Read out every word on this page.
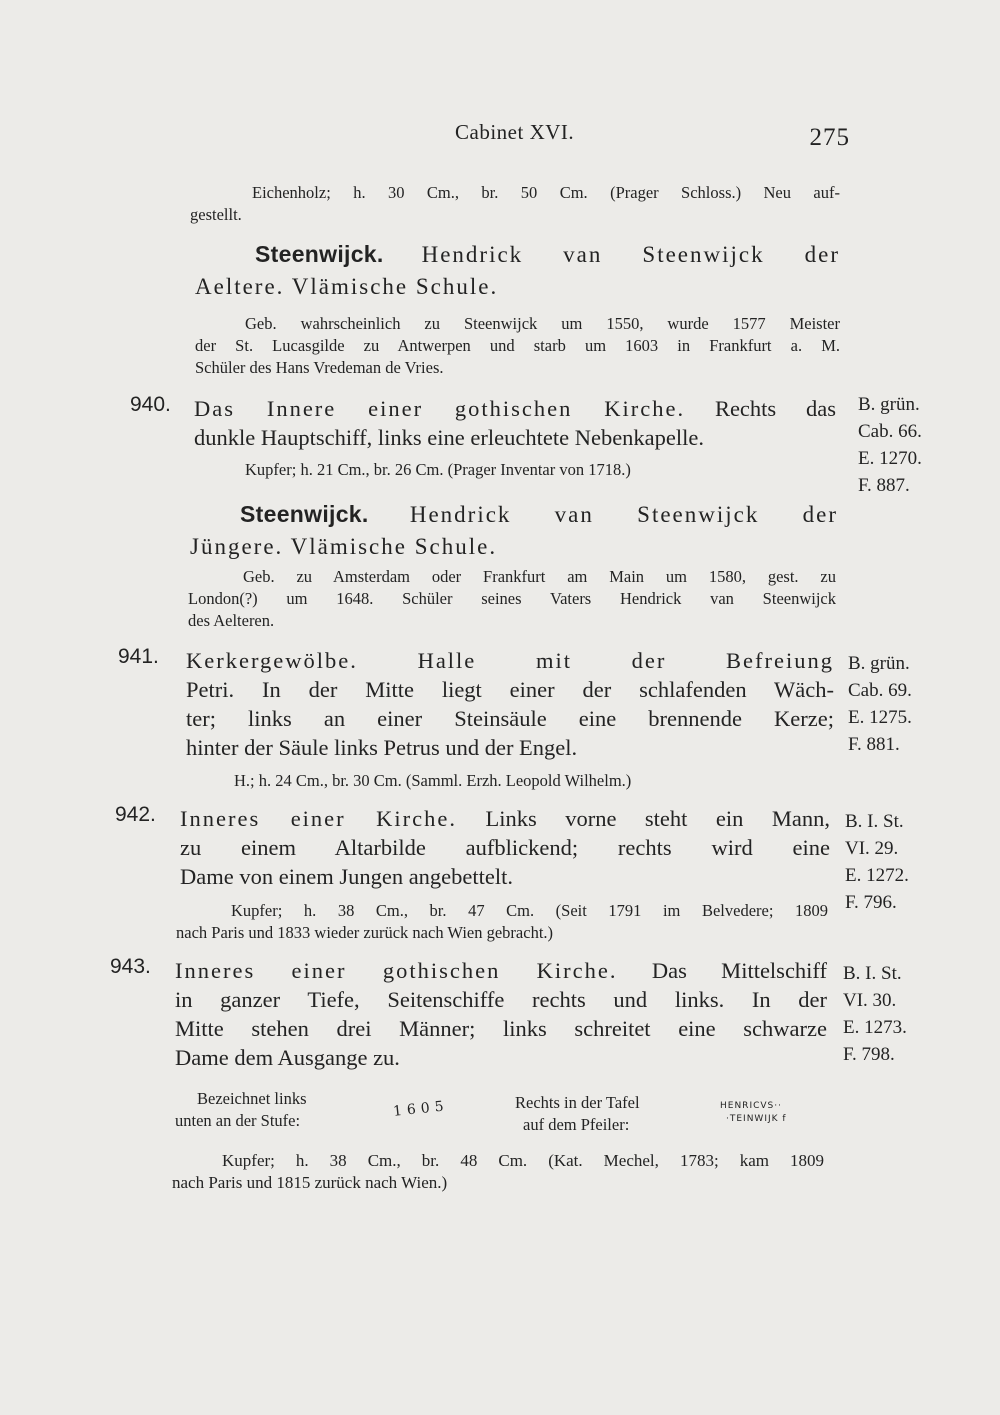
Cabinet XVI.	275
Eichenholz; h. 30 Cm., br. 50 Cm. (Prager Schloss.) Neu auf-
gestellt.
Steenwijck. Hendrick van Steenwijck der
Aeltere. Vlämische Schule.
Geb. wahrscheinlich zu Steenwijck um 1550, wurde 1577 Meister
der St. Lucasgilde zu Antwerpen und starb um 1603 in Frankfurt a. M.
Schüler des Hans Vredeman de Vries.
940. Das Innere einer gothischen Kirche. Rechts das
dunkle Hauptschiff, links eine erleuchtete Nebenkapelle.
Kupfer; h. 21 Cm., br. 26 Cm. (Prager Inventar von 1718.)
B. grün.
Cab. 66.
E. 1270.
F. 887.
Steenwijck. Hendrick van Steenwijck der
Jüngere. Vlämische Schule.
Geb. zu Amsterdam oder Frankfurt am Main um 1580, gest. zu
London(?) um 1648. Schüler seines Vaters Hendrick van Steenwijck
des Aelteren.
941. Kerkergewölbe. Halle mit der Befreiung
Petri. In der Mitte liegt einer der schlafenden Wäch-
ter; links an einer Steinsäule eine brennende Kerze;
hinter der Säule links Petrus und der Engel.
H.; h. 24 Cm., br. 30 Cm. (Samml. Erzh. Leopold Wilhelm.)
B. grün.
Cab. 69.
E. 1275.
F. 881.
942. Inneres einer Kirche. Links vorne steht ein Mann,
zu einem Altarbilde aufblickend; rechts wird eine
Dame von einem Jungen angebettelt.
Kupfer; h. 38 Cm., br. 47 Cm. (Seit 1791 im Belvedere; 1809
nach Paris und 1833 wieder zurück nach Wien gebracht.)
B. I. St.
VI. 29.
E. 1272.
F. 796.
943. Inneres einer gothischen Kirche. Das Mittelschiff
in ganzer Tiefe, Seitenschiffe rechts und links. In der
Mitte stehen drei Männer; links schreitet eine schwarze
Dame dem Ausgange zu.
B. I. St.
VI. 30.
E. 1273.
F. 798.
Bezeichnet links
unten an der Stufe:
1605	Rechts in der Tafel
auf dem Pfeiler:
HENRICVS··
·TEINWIJK f
Kupfer; h. 38 Cm., br. 48 Cm. (Kat. Mechel, 1783; kam 1809
nach Paris und 1815 zurück nach Wien.)
